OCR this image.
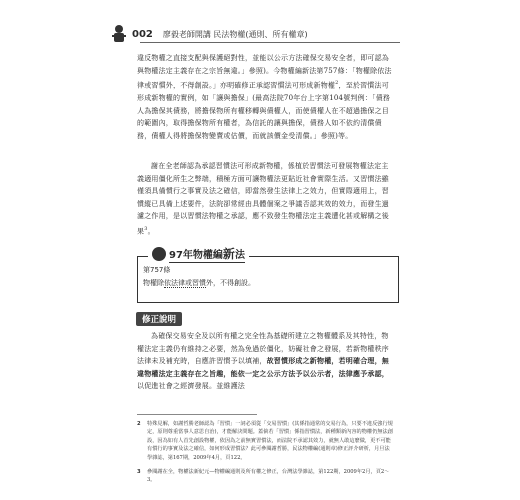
002 廖毅老師開講 民法物權(通則、所有權章)

違反物權之直接支配與保護絕對性，並能以公示方法確保交易安全者，即可認為與物權法定主義存在之宗旨無違。」參照)。今物權編新法第757條：「物權除依法律或習慣外，不得創設。」亦明確修正承認習慣法可形成新物權$^2$，至於習慣法可形成新物權的實例，如「讓與擔保」(最高法院70年台上字第104號判例：「債務人為擔保其債務，將擔保物所有權移轉與債權人，而使債權人在不超過擔保之目的範圍內，取得擔保物所有權者，為信託的讓與擔保，債務人如不依約清償債務，債權人得將擔保物變賣或估價，而就該價金受清償。」參照)等。

謝在全老師認為承認習慣法可形成新物權，係植於習慣法可發展物權法定主義適用僵化所生之弊端，積極方面可讓物權法更貼近社會實際生活。又習慣法雖僅須具備慣行之事實及法之確信，即當然發生法律上之效力，但實際適用上，習慣縱已具備上述要件，法院卻常經由具體個案之爭議否認其效的效力，而發生過濾之作用，是以習慣法物權之承認，應不致發生物權法定主義遭化甚或解構之後果$^3$。

97年物權編新法
第757條
物權除依法律或習慣外，不得創設。
修正說明

為確保交易安全及以所有權之完全性為基礎所建立之物權體系及其特性，物權法定主義仍有維持之必要，然為免過於僵化，妨礙社會之發展，若新物權秩序法律未及補充時，自應許習慣予以填補，故習慣形成之新物權，若明確合理，無違物權法定主義存在之旨趣，能依一定之公示方法予以公示者，法律應予承認，以促進社會之經濟發展。並維護法

2 特殊見解，如謝哲勝老師認為「習慣」一詞必須從「交易習慣」(其係指通常的交易行為，只要不違反強行規定，原則尊重當事人意思自治)，才能解決問題。蓋倘若「習慣」係指習慣法，新種類新內容的物權仍無法創設，因為如有人首先創設物權，依因為之前無實習慣法，而法院不承認其效力，就無人敢這麼做，更不可能有慣行的事實及法之確信，如何形成習慣法？此可參閱謝哲勝，民法物權編(通則章)修正評介研析，月旦法學雜誌，第167期，2009年4月，頁122。
3 參閱謝在全，物權法新紀元—物權編通則及所有權之修正，台灣法學雜誌，第122期，2009年2月，頁2〜3。
